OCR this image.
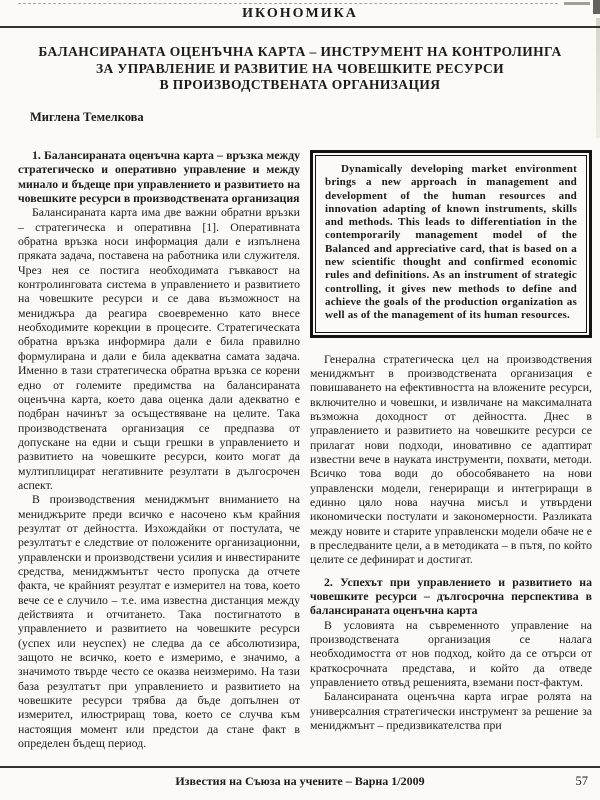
ИКОНОМИКА
БАЛАНСИРАНАТА ОЦЕНЪЧНА КАРТА – ИНСТРУМЕНТ НА КОНТРОЛИНГА
ЗА УПРАВЛЕНИЕ И РАЗВИТИЕ НА ЧОВЕШКИТЕ РЕСУРСИ
В ПРОИЗВОДСТВЕНАТА ОРГАНИЗАЦИЯ
Миглена Темелкова
1. Балансираната оценъчна карта – връзка между стратегическо и оперативно управление и между минало и бъдеще при управлението и развитието на човешките ресурси в производствената организация

Балансираната карта има две важни обратни връзки – стратегическа и оперативна [1]. Оперативната обратна връзка носи информация дали е изпълнена пряката задача, поставена на работника или служителя. Чрез нея се постига необходимата гъвкавост на контролинговата система в управлението и развитието на човешките ресурси и се дава възможност на мениджъра да реагира своевременно като внесе необходимите корекции в процесите. Стратегическата обратна връзка информира дали е била правилно формулирана и дали е била адекватна самата задача. Именно в тази стратегическа обратна връзка се корени едно от големите предимства на балансираната оценъчна карта, което дава оценка дали адекватно е подбран начинът за осъществяване на целите. Така производствената организация се предпазва от допускане на едни и същи грешки в управлението и развитието на човешките ресурси, които могат да мултиплицират негативните резултати в дългосрочен аспект.

В производствения мениджмънт вниманието на мениджърите преди всичко е насочено към крайния резултат от дейността. Изхождайки от постулата, че резултатът е следствие от положените организационни, управленски и производствени усилия и инвестираните средства, мениджмънтът често пропуска да отчете факта, че крайният резултат е измерител на това, което вече се е случило – т.е. има известна дистанция между действията и отчитането. Така постигнатото в управлението и развитието на човешките ресурси (успех или неуспех) не следва да се абсолютизира, защото не всичко, което е измеримо, е значимо, а значимото твърде често се оказва неизмеримо. На тази база резултатът при управлението и развитието на човешките ресурси трябва да бъде допълнен от измерител, илюстриращ това, което се случва към настоящия момент или предстои да стане факт в определен бъдещ период.

Dynamically developing market environment brings a new approach in management and development of the human resources and innovation adapting of known instruments, skills and methods. This leads to differentiation in the contemporarily management model of the Balanced and appreciative card, that is based on a new scientific thought and confirmed economic rules and definitions. As an instrument of strategic controlling, it gives new methods to define and achieve the goals of the production organization as well as of the management of its human resources.

Генерална стратегическа цел на производствения мениджмънт в производствената организация е повишаването на ефективността на вложените ресурси, включително и човешки, и извличане на максималната възможна доходност от дейността. Днес в управлението и развитието на човешките ресурси се прилагат нови подходи, иновативно се адаптират известни вече в науката инструменти, похвати, методи. Всичко това води до обособяването на нови управленски модели, генериращи и интегриращи в единно цяло нова научна мисъл и утвърдени икономически постулати и закономерности. Разликата между новите и старите управленски модели обаче не е в преследваните цели, а в методиката – в пътя, по който целите се дефинират и достигат.

2. Успехът при управлението и развитието на човешките ресурси – дългосрочна перспектива в балансираната оценъчна карта

В условията на съвременното управление на производствената организация се налага необходимостта от нов подход, който да се отърси от краткосрочната представа, и който да отведе управлението отвъд решенията, вземани пост-фактум.

Балансираната оценъчна карта играе ролята на универсалния стратегически инструмент за решение за мениджмънт – предизвикателства при

Известия на Съюза на учените – Варна 1/2009	57
